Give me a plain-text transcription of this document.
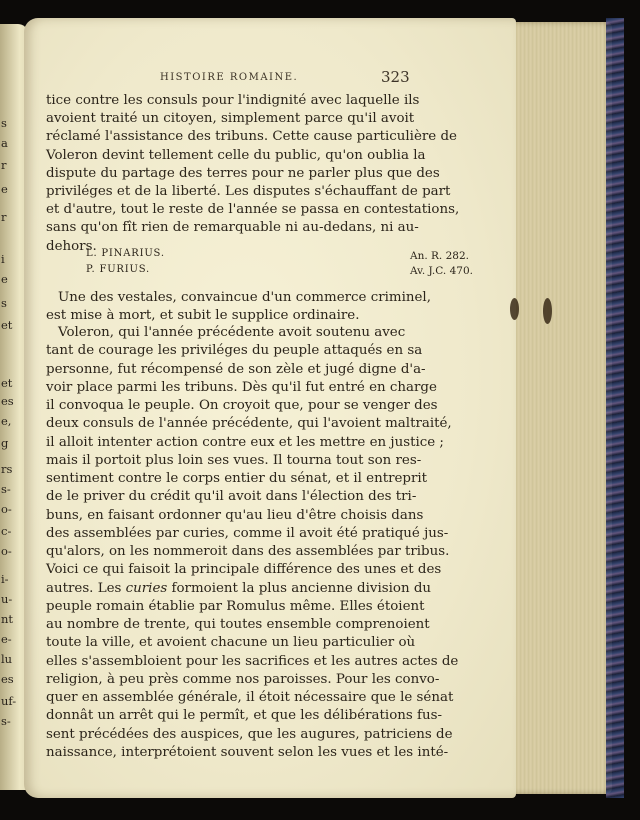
s
a
r
e
r
i
e
s
et
et
es
e,
g
rs
s-
o-
c-
o-
i-
u-
nt
e-
lu
es
uf-
s-
HISTOIRE ROMAINE.	323
tice contre les consuls pour l'indignité avec laquelle ils
avoient traité un citoyen, simplement parce qu'il avoit
réclamé l'assistance des tribuns. Cette cause particulière de
Voleron devint tellement celle du public, qu'on oublia la
dispute du partage des terres pour ne parler plus que des
priviléges et de la liberté. Les disputes s'échauffant de part
et d'autre, tout le reste de l'année se passa en contestations,
sans qu'on fît rien de remarquable ni au-dedans, ni au-
dehors.
L. PINARIUS.
P. FURIUS.
An. R. 282.
Av. J.C. 470.
Une des vestales, convaincue d'un commerce criminel,
est mise à mort, et subit le supplice ordinaire.
Voleron, qui l'année précédente avoit soutenu avec
tant de courage les priviléges du peuple attaqués en sa
personne, fut récompensé de son zèle et jugé digne d'a-
voir place parmi les tribuns. Dès qu'il fut entré en charge
il convoqua le peuple. On croyoit que, pour se venger des
deux consuls de l'année précédente, qui l'avoient maltraité,
il alloit intenter action contre eux et les mettre en justice ;
mais il portoit plus loin ses vues. Il tourna tout son res-
sentiment contre le corps entier du sénat, et il entreprit
de le priver du crédit qu'il avoit dans l'élection des tri-
buns, en faisant ordonner qu'au lieu d'être choisis dans
des assemblées par curies, comme il avoit été pratiqué jus-
qu'alors, on les nommeroit dans des assemblées par tribus.
Voici ce qui faisoit la principale différence des unes et des
autres. Les curies formoient la plus ancienne division du
peuple romain établie par Romulus même. Elles étoient
au nombre de trente, qui toutes ensemble comprenoient
toute la ville, et avoient chacune un lieu particulier où
elles s'assembloient pour les sacrifices et les autres actes de
religion, à peu près comme nos paroisses. Pour les convo-
quer en assemblée générale, il étoit nécessaire que le sénat
donnât un arrêt qui le permît, et que les délibérations fus-
sent précédées des auspices, que les augures, patriciens de
naissance, interprétoient souvent selon les vues et les inté-
